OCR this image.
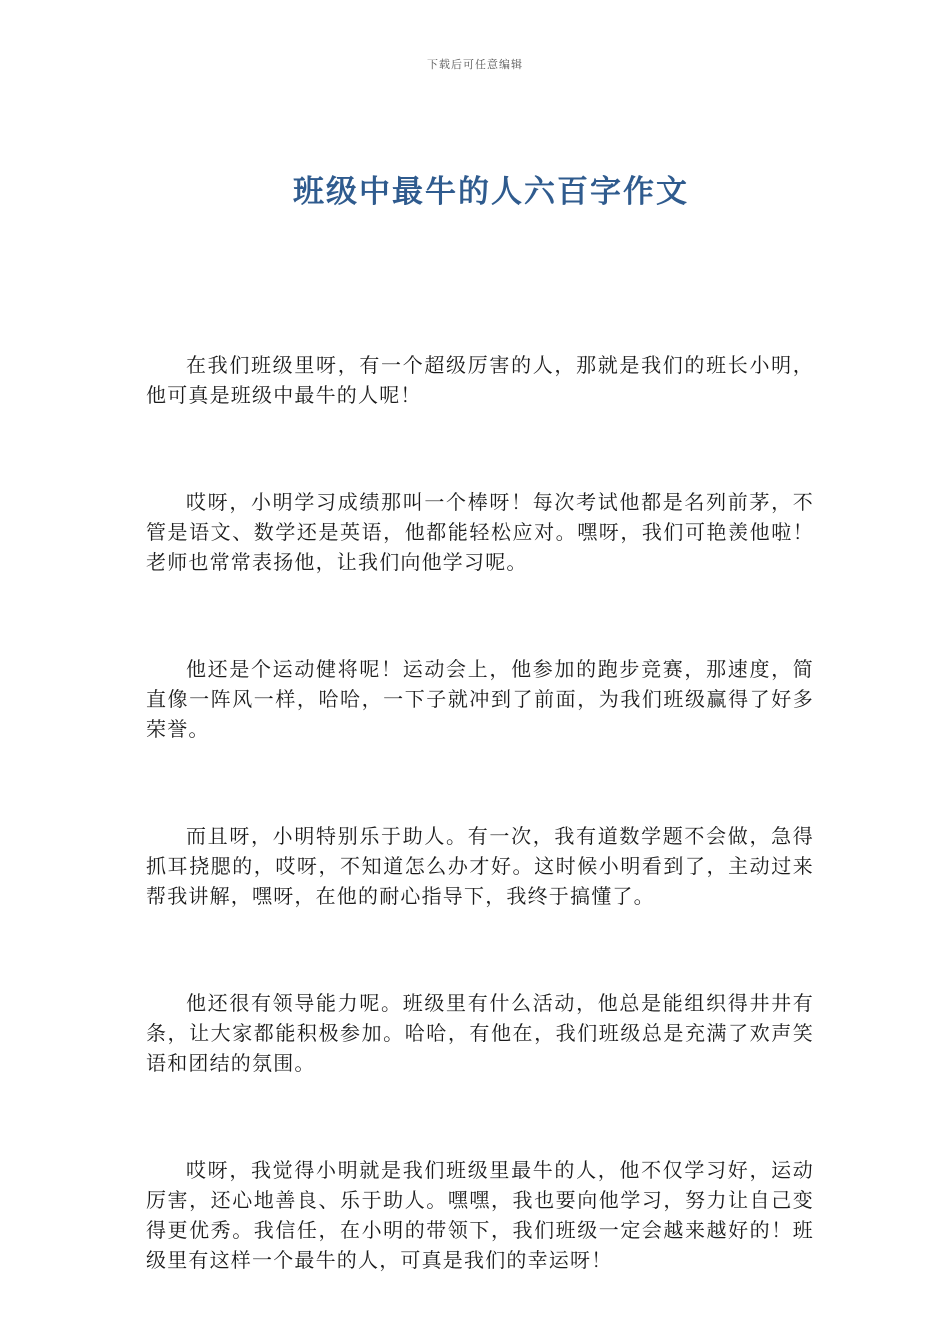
下载后可任意编辑
班级中最牛的人六百字作文

在我们班级里呀，有一个超级厉害的人，那就是我们的班长小明，他可真是班级中最牛的人呢！

哎呀，小明学习成绩那叫一个棒呀！每次考试他都是名列前茅，不管是语文、数学还是英语，他都能轻松应对。嘿呀，我们可艳羡他啦！老师也常常表扬他，让我们向他学习呢。

他还是个运动健将呢！运动会上，他参加的跑步竞赛，那速度，简直像一阵风一样，哈哈，一下子就冲到了前面，为我们班级赢得了好多荣誉。

而且呀，小明特别乐于助人。有一次，我有道数学题不会做，急得抓耳挠腮的，哎呀，不知道怎么办才好。这时候小明看到了，主动过来帮我讲解，嘿呀，在他的耐心指导下，我终于搞懂了。

他还很有领导能力呢。班级里有什么活动，他总是能组织得井井有条，让大家都能积极参加。哈哈，有他在，我们班级总是充满了欢声笑语和团结的氛围。

哎呀，我觉得小明就是我们班级里最牛的人，他不仅学习好，运动厉害，还心地善良、乐于助人。嘿嘿，我也要向他学习，努力让自己变得更优秀。我信任，在小明的带领下，我们班级一定会越来越好的！班级里有这样一个最牛的人，可真是我们的幸运呀！
